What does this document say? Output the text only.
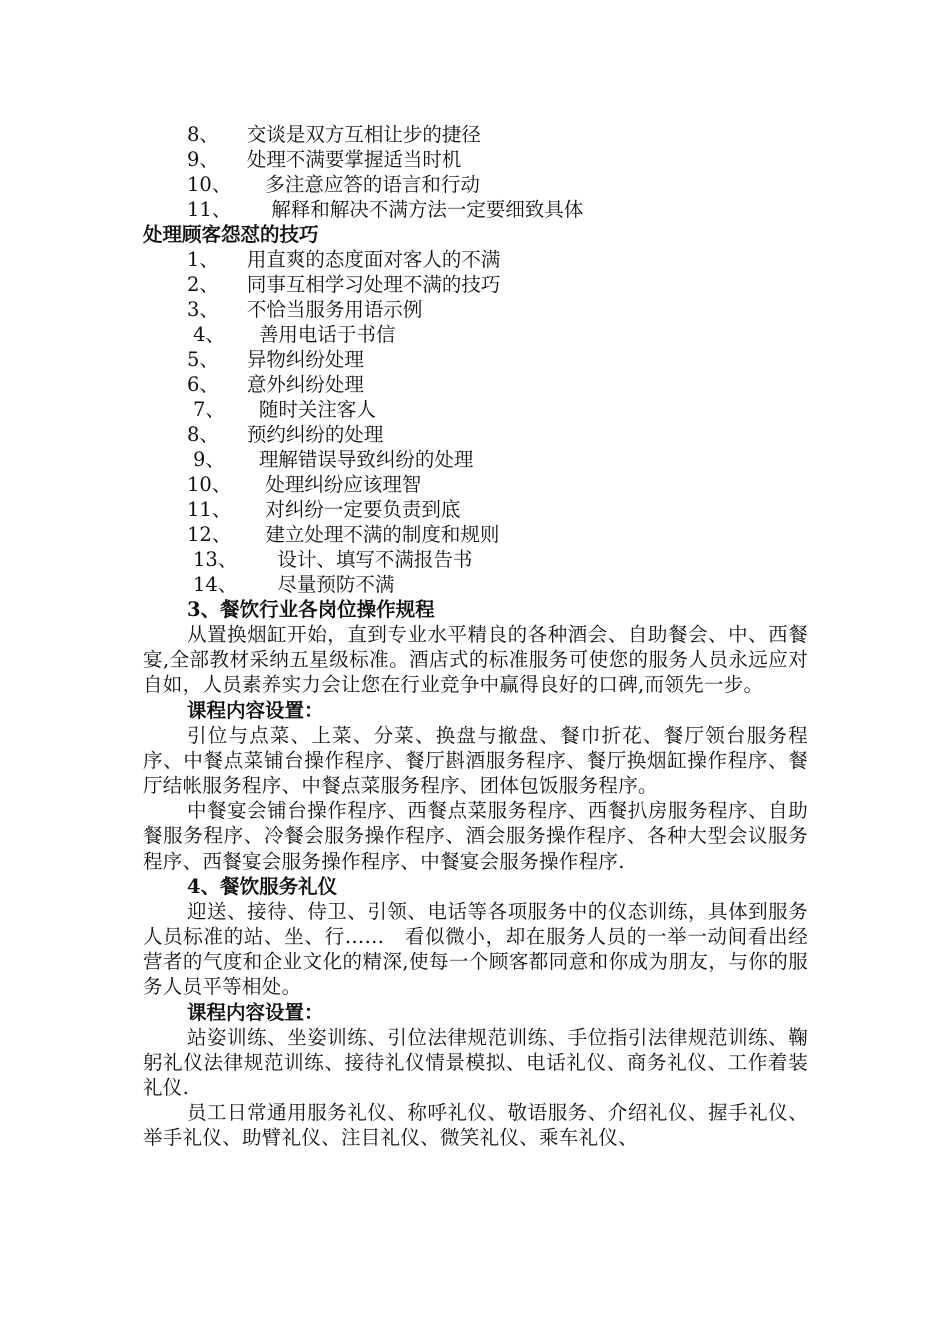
8、 交谈是双方互相让步的捷径
9、 处理不满要掌握适当时机
10、 多注意应答的语言和行动
11、 解释和解决不满方法一定要细致具体
处理顾客怨怼的技巧
1、 用直爽的态度面对客人的不满
2、 同事互相学习处理不满的技巧
3、 不恰当服务用语示例
4、 善用电话于书信
5、 异物纠纷处理
6、 意外纠纷处理
7、 随时关注客人
8、 预约纠纷的处理
9、 理解错误导致纠纷的处理
10、 处理纠纷应该理智
11、 对纠纷一定要负责到底
12、 建立处理不满的制度和规则
13、 设计、填写不满报告书
14、 尽量预防不满
3、餐饮行业各岗位操作规程
从置换烟缸开始，直到专业水平精良的各种酒会、自助餐会、中、西餐宴,全部教材采纳五星级标准。酒店式的标准服务可使您的服务人员永远应对自如，人员素养实力会让您在行业竞争中赢得良好的口碑,而领先一步。
课程内容设置：
引位与点菜、上菜、分菜、换盘与撤盘、餐巾折花、餐厅领台服务程序、中餐点菜铺台操作程序、餐厅斟酒服务程序、餐厅换烟缸操作程序、餐厅结帐服务程序、中餐点菜服务程序、团体包饭服务程序。
中餐宴会铺台操作程序、西餐点菜服务程序、西餐扒房服务程序、自助餐服务程序、冷餐会服务操作程序、酒会服务操作程序、各种大型会议服务程序、西餐宴会服务操作程序、中餐宴会服务操作程序.
4、餐饮服务礼仪
迎送、接待、侍卫、引领、电话等各项服务中的仪态训练，具体到服务人员标准的站、坐、行……　看似微小，却在服务人员的一举一动间看出经营者的气度和企业文化的精深,使每一个顾客都同意和你成为朋友，与你的服务人员平等相处。
课程内容设置：
站姿训练、坐姿训练、引位法律规范训练、手位指引法律规范训练、鞠躬礼仪法律规范训练、接待礼仪情景模拟、电话礼仪、商务礼仪、工作着装礼仪.
员工日常通用服务礼仪、称呼礼仪、敬语服务、介绍礼仪、握手礼仪、举手礼仪、助臂礼仪、注目礼仪、微笑礼仪、乘车礼仪、
